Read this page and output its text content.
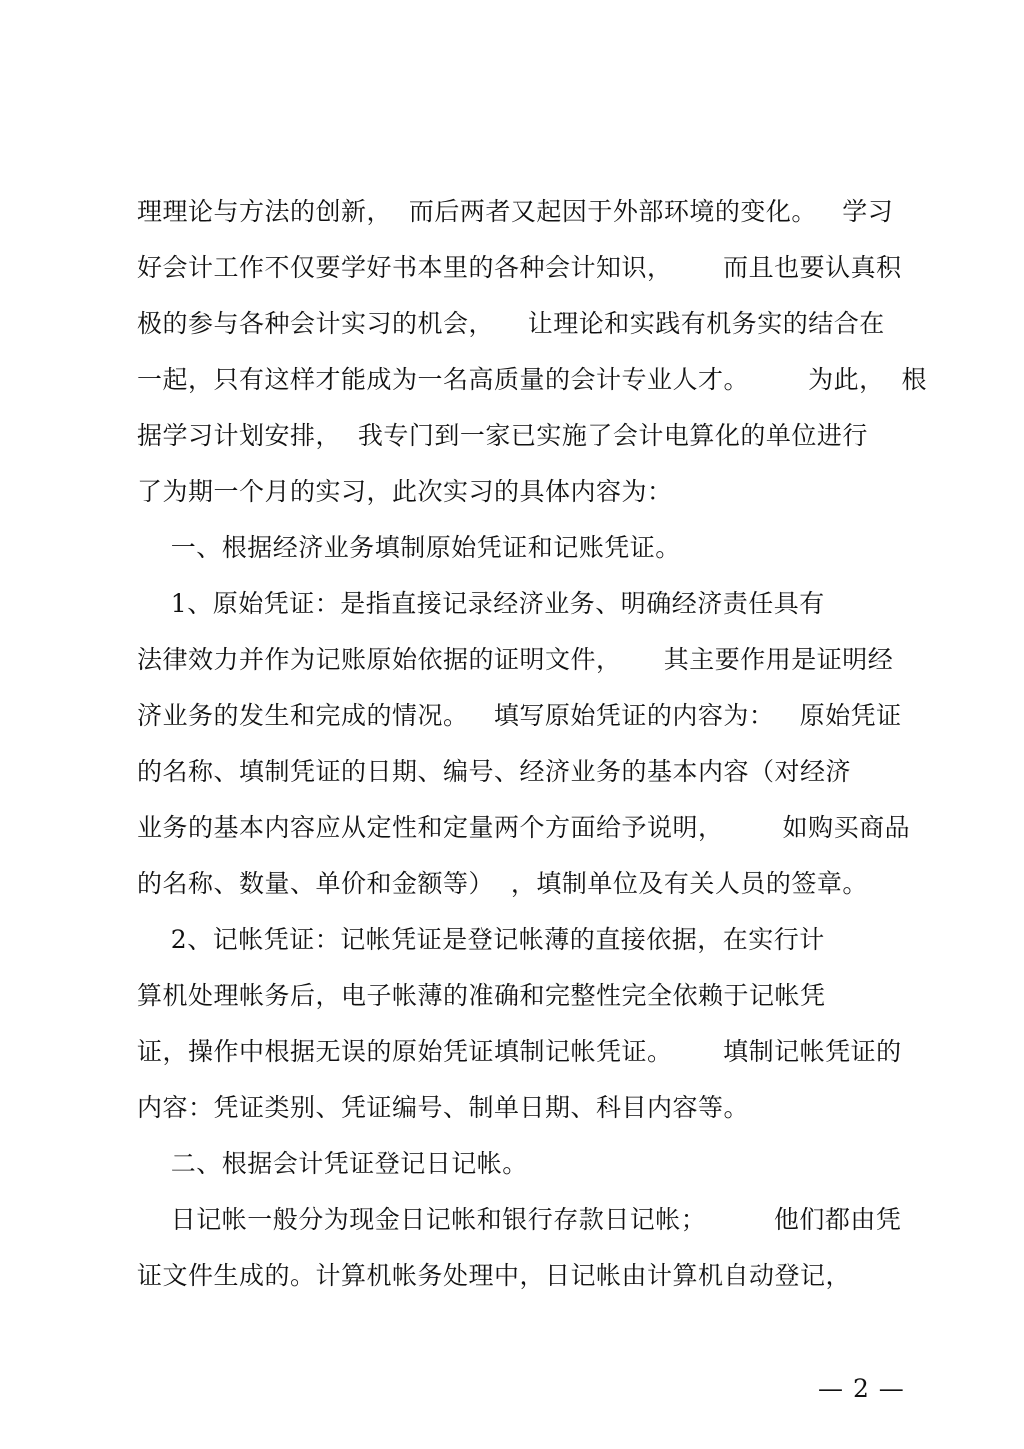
理理论与方法的创新，  而后两者又起因于外部环境的变化。   学习
好会计工作不仅要学好书本里的各种会计知识，      而且也要认真积
极的参与各种会计实习的机会，    让理论和实践有机务实的结合在
一起，只有这样才能成为一名高质量的会计专业人才。       为此，  根
据学习计划安排，  我专门到一家已实施了会计电算化的单位进行
了为期一个月的实习，此次实习的具体内容为：
一、根据经济业务填制原始凭证和记账凭证。
1、原始凭证：是指直接记录经济业务、明确经济责任具有
法律效力并作为记账原始依据的证明文件，     其主要作用是证明经
济业务的发生和完成的情况。   填写原始凭证的内容为：   原始凭证
的名称、填制凭证的日期、编号、经济业务的基本内容（对经济
业务的基本内容应从定性和定量两个方面给予说明，       如购买商品
的名称、数量、单价和金额等）  ，填制单位及有关人员的签章。
2、记帐凭证：记帐凭证是登记帐薄的直接依据，在实行计
算机处理帐务后，电子帐薄的准确和完整性完全依赖于记帐凭
证，操作中根据无误的原始凭证填制记帐凭证。      填制记帐凭证的
内容：凭证类别、凭证编号、制单日期、科目内容等。
二、根据会计凭证登记日记帐。
日记帐一般分为现金日记帐和银行存款日记帐；        他们都由凭
证文件生成的。计算机帐务处理中，日记帐由计算机自动登记，
— 2 —
